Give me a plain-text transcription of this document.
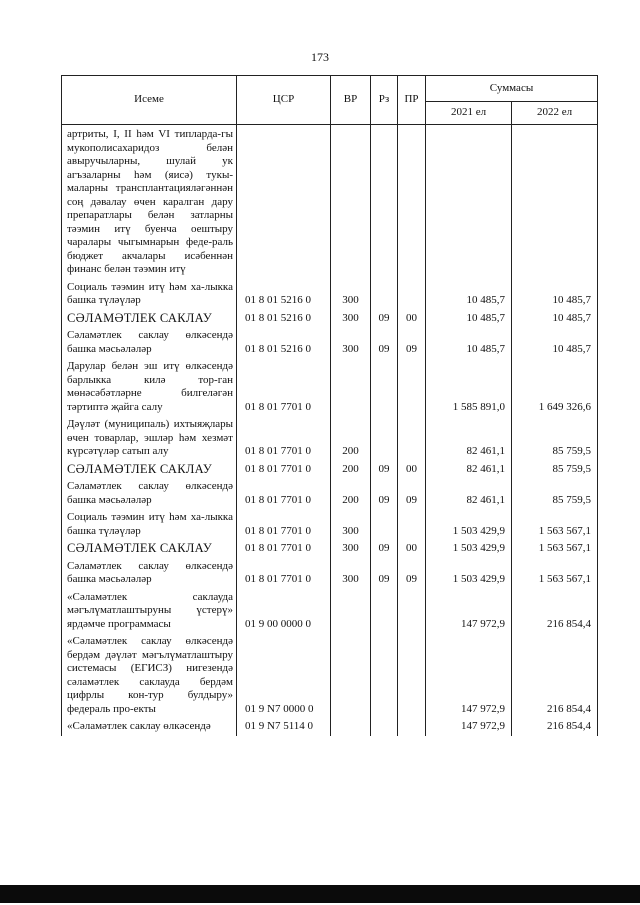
173
Исеме	ЦСР	ВР	Рз	ПР	Суммасы	
					2021 ел	2022 ел
артриты, I, II һәм VI типларда-гы мукополисахаридоз белән авыручыларны, шулай ук агъзаларны һәм (яисә) тукы-маларны трансплантацияләгәннән соң дәвалау өчен каралган дару препаратлары белән затларны тәэмин итү буенча оештыру чаралары чыгымнарын феде-раль бюджет акчалары исәбеннән финанс белән тәэмин итү						
Социаль тәэмин итү һәм ха-лыкка башка түләүләр	01 8 01 5216 0	300			10 485,7	10 485,7
СӘЛАМӘТЛЕК САКЛАУ	01 8 01 5216 0	300	09	00	10 485,7	10 485,7
Сәламәтлек саклау өлкәсендә башка мәсьәләләр	01 8 01 5216 0	300	09	09	10 485,7	10 485,7
Дарулар белән эш итү өлкәсендә барлыкка килә тор-ган мөнәсәбәтләрне билгеләгән тәртиптә җайга салу	01 8 01 7701 0				1 585 891,0	1 649 326,6
Дәүләт (муниципаль) ихтыяҗлары өчен товарлар, эшләр һәм хезмәт күрсәтүләр сатып алу	01 8 01 7701 0	200			82 461,1	85 759,5
СӘЛАМӘТЛЕК САКЛАУ	01 8 01 7701 0	200	09	00	82 461,1	85 759,5
Сәламәтлек саклау өлкәсендә башка мәсьәләләр	01 8 01 7701 0	200	09	09	82 461,1	85 759,5
Социаль тәэмин итү һәм ха-лыкка башка түләүләр	01 8 01 7701 0	300			1 503 429,9	1 563 567,1
СӘЛАМӘТЛЕК САКЛАУ	01 8 01 7701 0	300	09	00	1 503 429,9	1 563 567,1
Сәламәтлек саклау өлкәсендә башка мәсьәләләр	01 8 01 7701 0	300	09	09	1 503 429,9	1 563 567,1
«Сәламәтлек саклауда мәгълүматлаштыруны үстерү» ярдәмче программасы	01 9 00 0000 0				147 972,9	216 854,4
«Сәламәтлек саклау өлкәсендә бердәм дәүләт мәгълүматлаштыру системасы (ЕГИСЗ) нигезендә сәламәтлек саклауда бердәм цифрлы кон-тур булдыру» федераль про-екты	01 9 N7 0000 0				147 972,9	216 854,4
«Сәламәтлек саклау өлкәсендә	01 9 N7 5114 0				147 972,9	216 854,4
